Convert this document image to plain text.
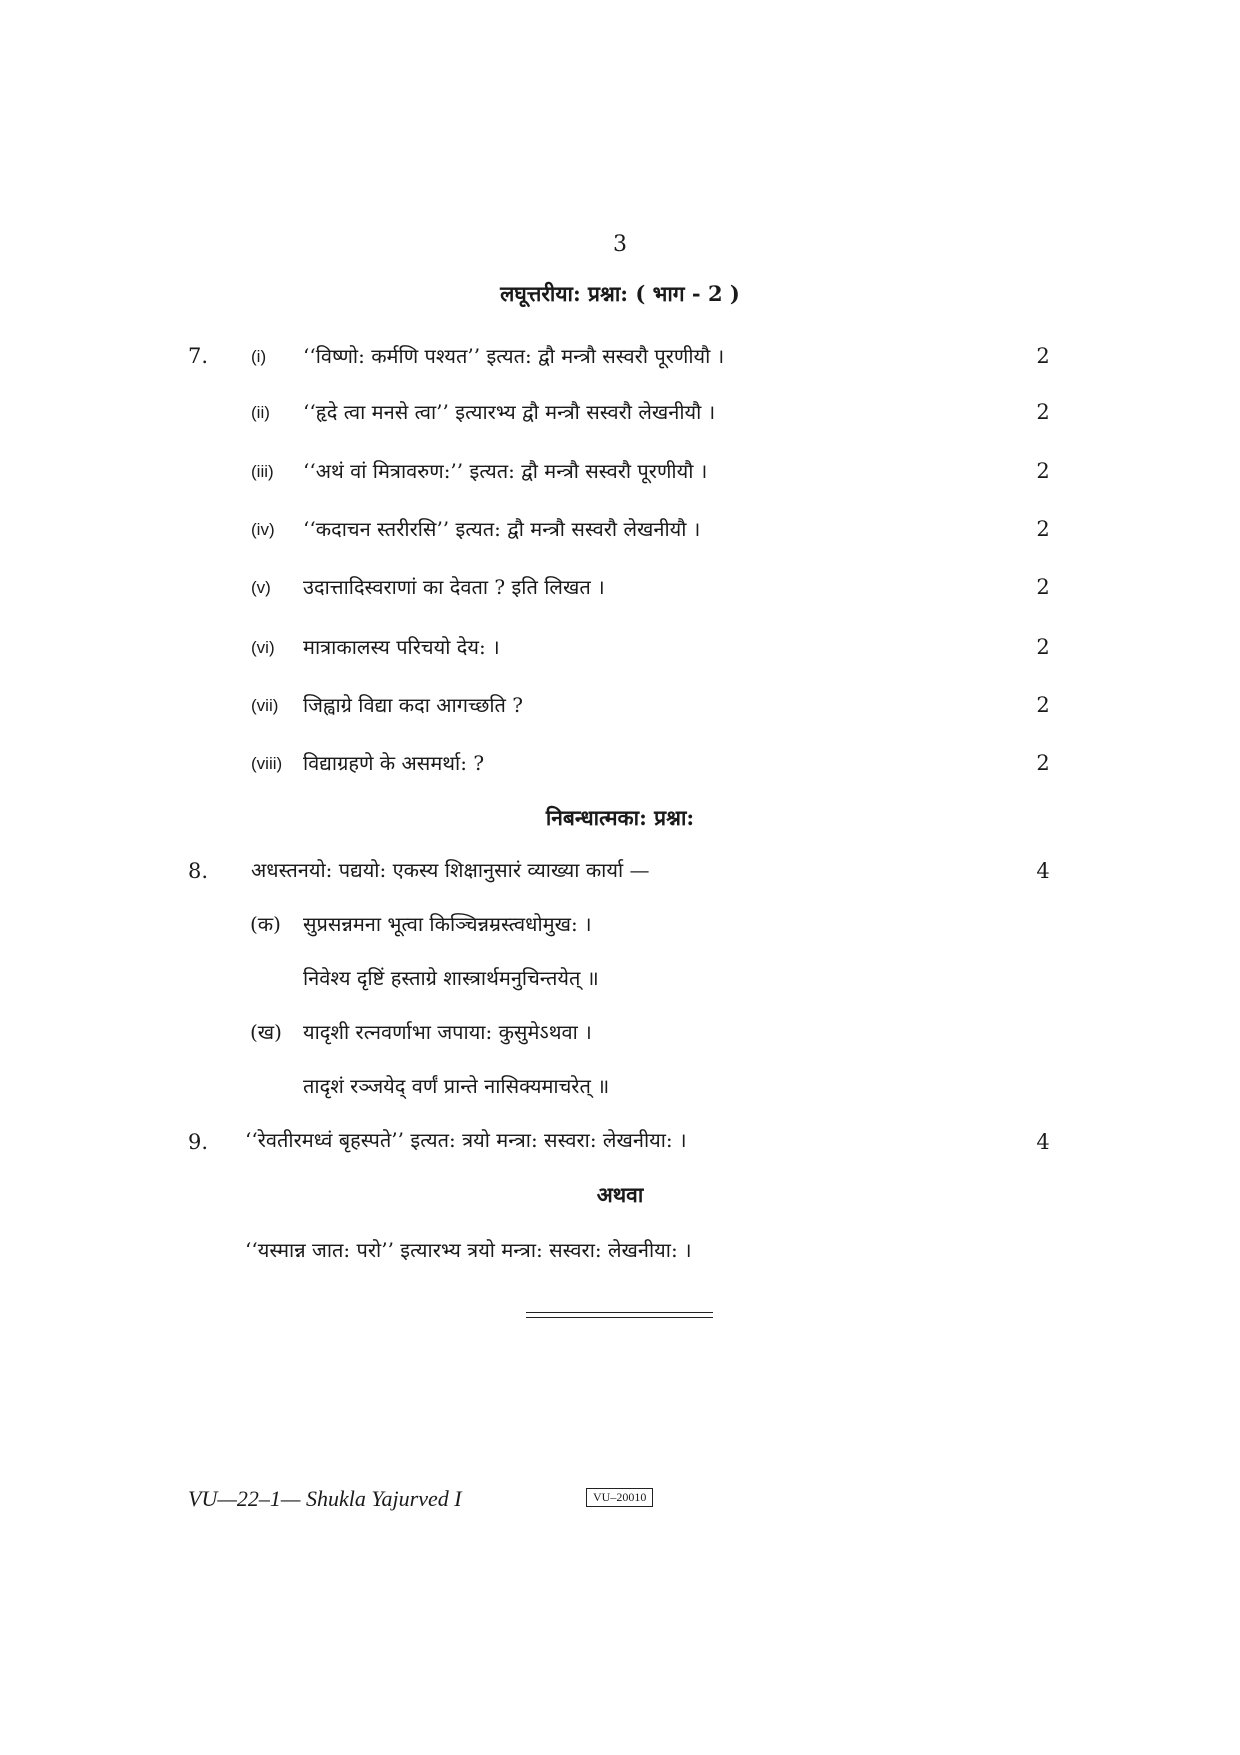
3
लघूत्तरीया: प्रश्ना: ( भाग - 2 )
7.	(i) ‘‘विष्णो: कर्मणि पश्यत’’ इत्यत: द्वौ मन्त्रौ सस्वरौ पूरणीयौ ।	2
(ii) ‘‘हृदे त्वा मनसे त्वा’’ इत्यारभ्य द्वौ मन्त्रौ सस्वरौ लेखनीयौ ।	2
(iii) ‘‘अथं वां मित्रावरुण:’’ इत्यत: द्वौ मन्त्रौ सस्वरौ पूरणीयौ ।	2
(iv) ‘‘कदाचन स्तरीरसि’’ इत्यत: द्वौ मन्त्रौ सस्वरौ लेखनीयौ ।	2
(v) उदात्तादिस्वराणां का देवता ? इति लिखत ।	2
(vi) मात्राकालस्य परिचयो देय: ।	2
(vii) जिह्वाग्रे विद्या कदा आगच्छति ?	2
(viii) विद्याग्रहणे के असमर्था: ?	2
निबन्धात्मका: प्रश्ना:
8. अधस्तनयो: पद्ययो: एकस्य शिक्षानुसारं व्याख्या कार्या —	4
(क) सुप्रसन्नमना भूत्वा किञ्चिन्नम्रस्त्वधोमुख: ।
निवेश्य दृष्टिं हस्ताग्रे शास्त्रार्थमनुचिन्तयेत् ॥
(ख) यादृशी रत्नवर्णाभा जपाया: कुसुमेऽथवा ।
तादृशं रञ्जयेद् वर्णं प्रान्ते नासिक्यमाचरेत् ॥
9. ‘‘रेवतीरमध्वं बृहस्पते’’ इत्यत: त्रयो मन्त्रा: सस्वरा: लेखनीया: ।	4
अथवा
‘‘यस्मान्न जात: परो’’ इत्यारभ्य त्रयो मन्त्रा: सस्वरा: लेखनीया: ।
VU—22–1— Shukla Yajurved I	VU–20010
